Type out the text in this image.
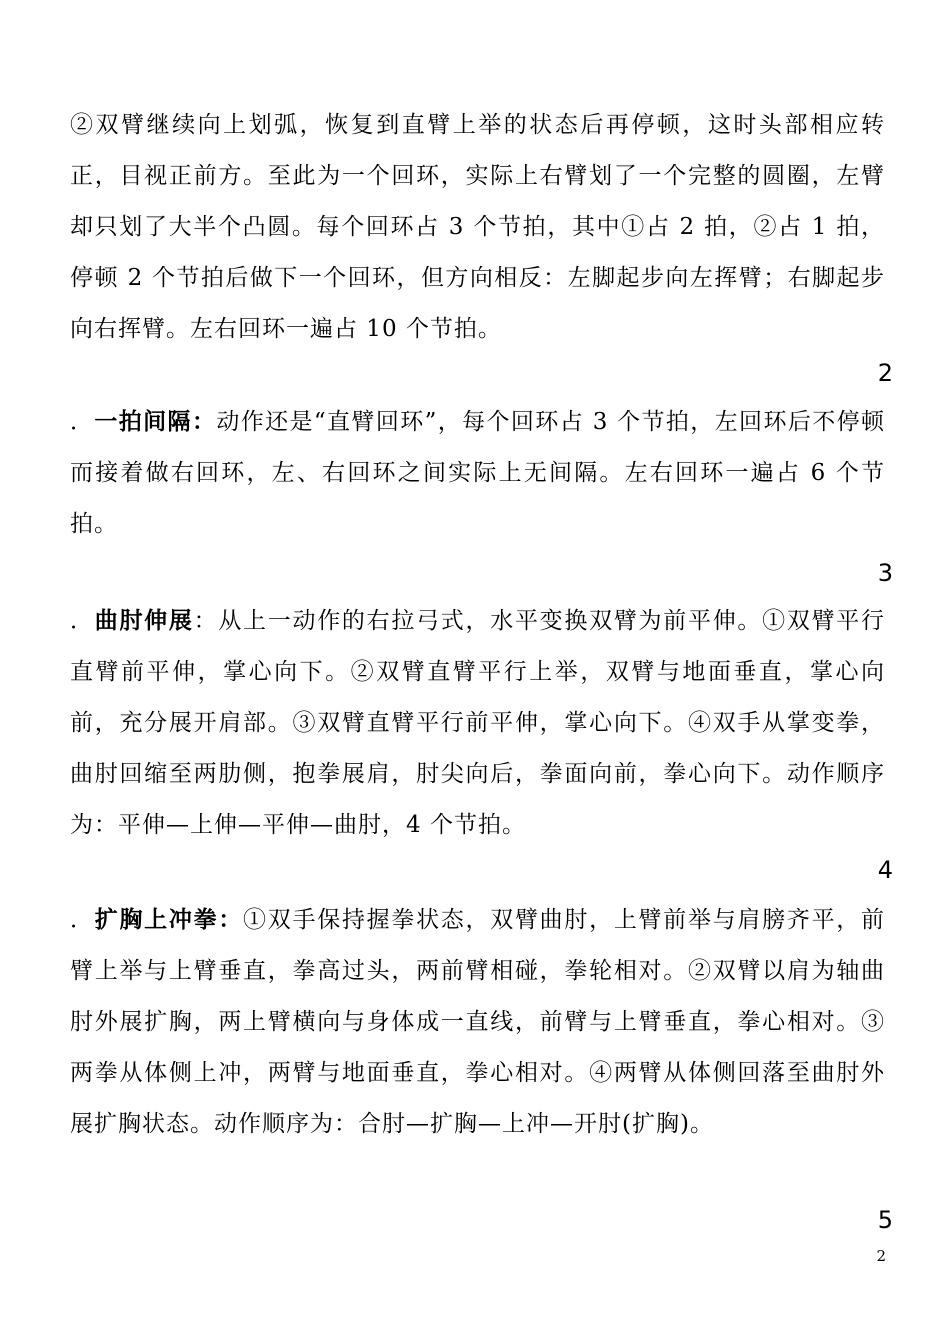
②双臂继续向上划弧，恢复到直臂上举的状态后再停顿，这时头部相应转正，目视正前方。至此为一个回环，实际上右臂划了一个完整的圆圈，左臂却只划了大半个凸圆。每个回环占 3 个节拍，其中①占 2 拍，②占 1 拍，停顿 2 个节拍后做下一个回环，但方向相反：左脚起步向左挥臂；右脚起步向右挥臂。左右回环一遍占 10 个节拍。

2

．一拍间隔：动作还是“直臂回环”，每个回环占 3 个节拍，左回环后不停顿而接着做右回环，左、右回环之间实际上无间隔。左右回环一遍占 6 个节拍。

3

．曲肘伸展：从上一动作的右拉弓式，水平变换双臂为前平伸。①双臂平行直臂前平伸，掌心向下。②双臂直臂平行上举，双臂与地面垂直，掌心向前，充分展开肩部。③双臂直臂平行前平伸，掌心向下。④双手从掌变拳，曲肘回缩至两肋侧，抱拳展肩，肘尖向后，拳面向前，拳心向下。动作顺序为：平伸—上伸—平伸—曲肘，4 个节拍。

4

．扩胸上冲拳：①双手保持握拳状态，双臂曲肘，上臂前举与肩膀齐平，前臂上举与上臂垂直，拳高过头，两前臂相碰，拳轮相对。②双臂以肩为轴曲肘外展扩胸，两上臂横向与身体成一直线，前臂与上臂垂直，拳心相对。③两拳从体侧上冲，两臂与地面垂直，拳心相对。④两臂从体侧回落至曲肘外展扩胸状态。动作顺序为：合肘—扩胸—上冲—开肘(扩胸)。

5
2
